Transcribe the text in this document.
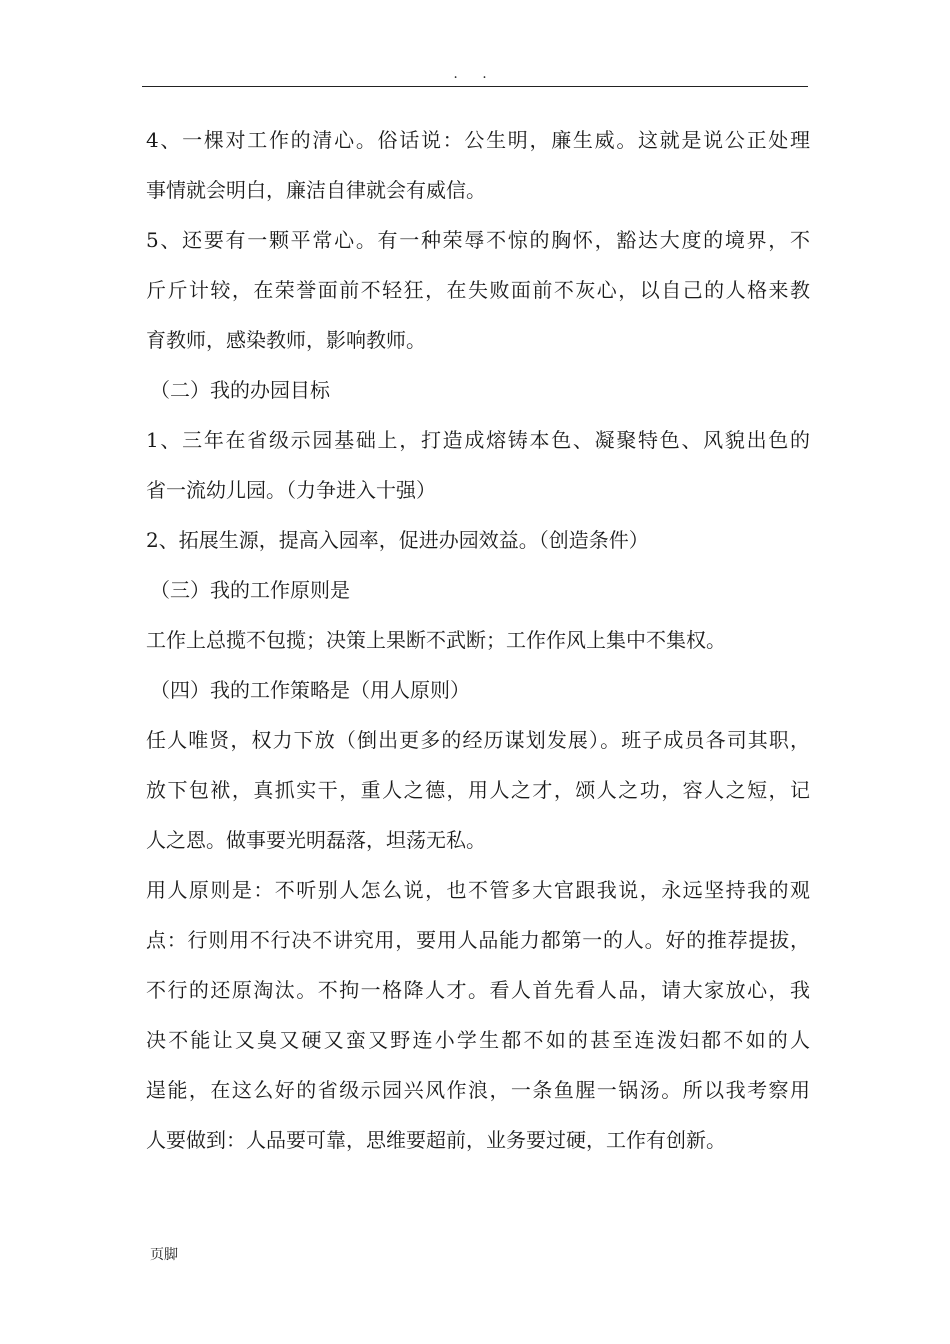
. .
4、一棵对工作的清心。俗话说：公生明，廉生威。这就是说公正处理
事情就会明白，廉洁自律就会有威信。
5、还要有一颗平常心。有一种荣辱不惊的胸怀，豁达大度的境界，不
斤斤计较，在荣誉面前不轻狂，在失败面前不灰心，以自己的人格来教
育教师，感染教师，影响教师。
（二）我的办园目标
1、三年在省级示园基础上，打造成熔铸本色、凝聚特色、风貌出色的
省一流幼儿园。（力争进入十强）
2、拓展生源，提高入园率，促进办园效益。（创造条件）
（三）我的工作原则是
工作上总揽不包揽；决策上果断不武断；工作作风上集中不集权。
（四）我的工作策略是（用人原则）
任人唯贤，权力下放（倒出更多的经历谋划发展）。班子成员各司其职，
放下包袱，真抓实干，重人之德，用人之才，颂人之功，容人之短，记
人之恩。做事要光明磊落，坦荡无私。
用人原则是：不听别人怎么说，也不管多大官跟我说，永远坚持我的观
点：行则用不行决不讲究用，要用人品能力都第一的人。好的推荐提拔，
不行的还原淘汰。不拘一格降人才。看人首先看人品，请大家放心，我
决不能让又臭又硬又蛮又野连小学生都不如的甚至连泼妇都不如的人
逞能，在这么好的省级示园兴风作浪，一条鱼腥一锅汤。所以我考察用
人要做到：人品要可靠，思维要超前，业务要过硬，工作有创新。
页脚
